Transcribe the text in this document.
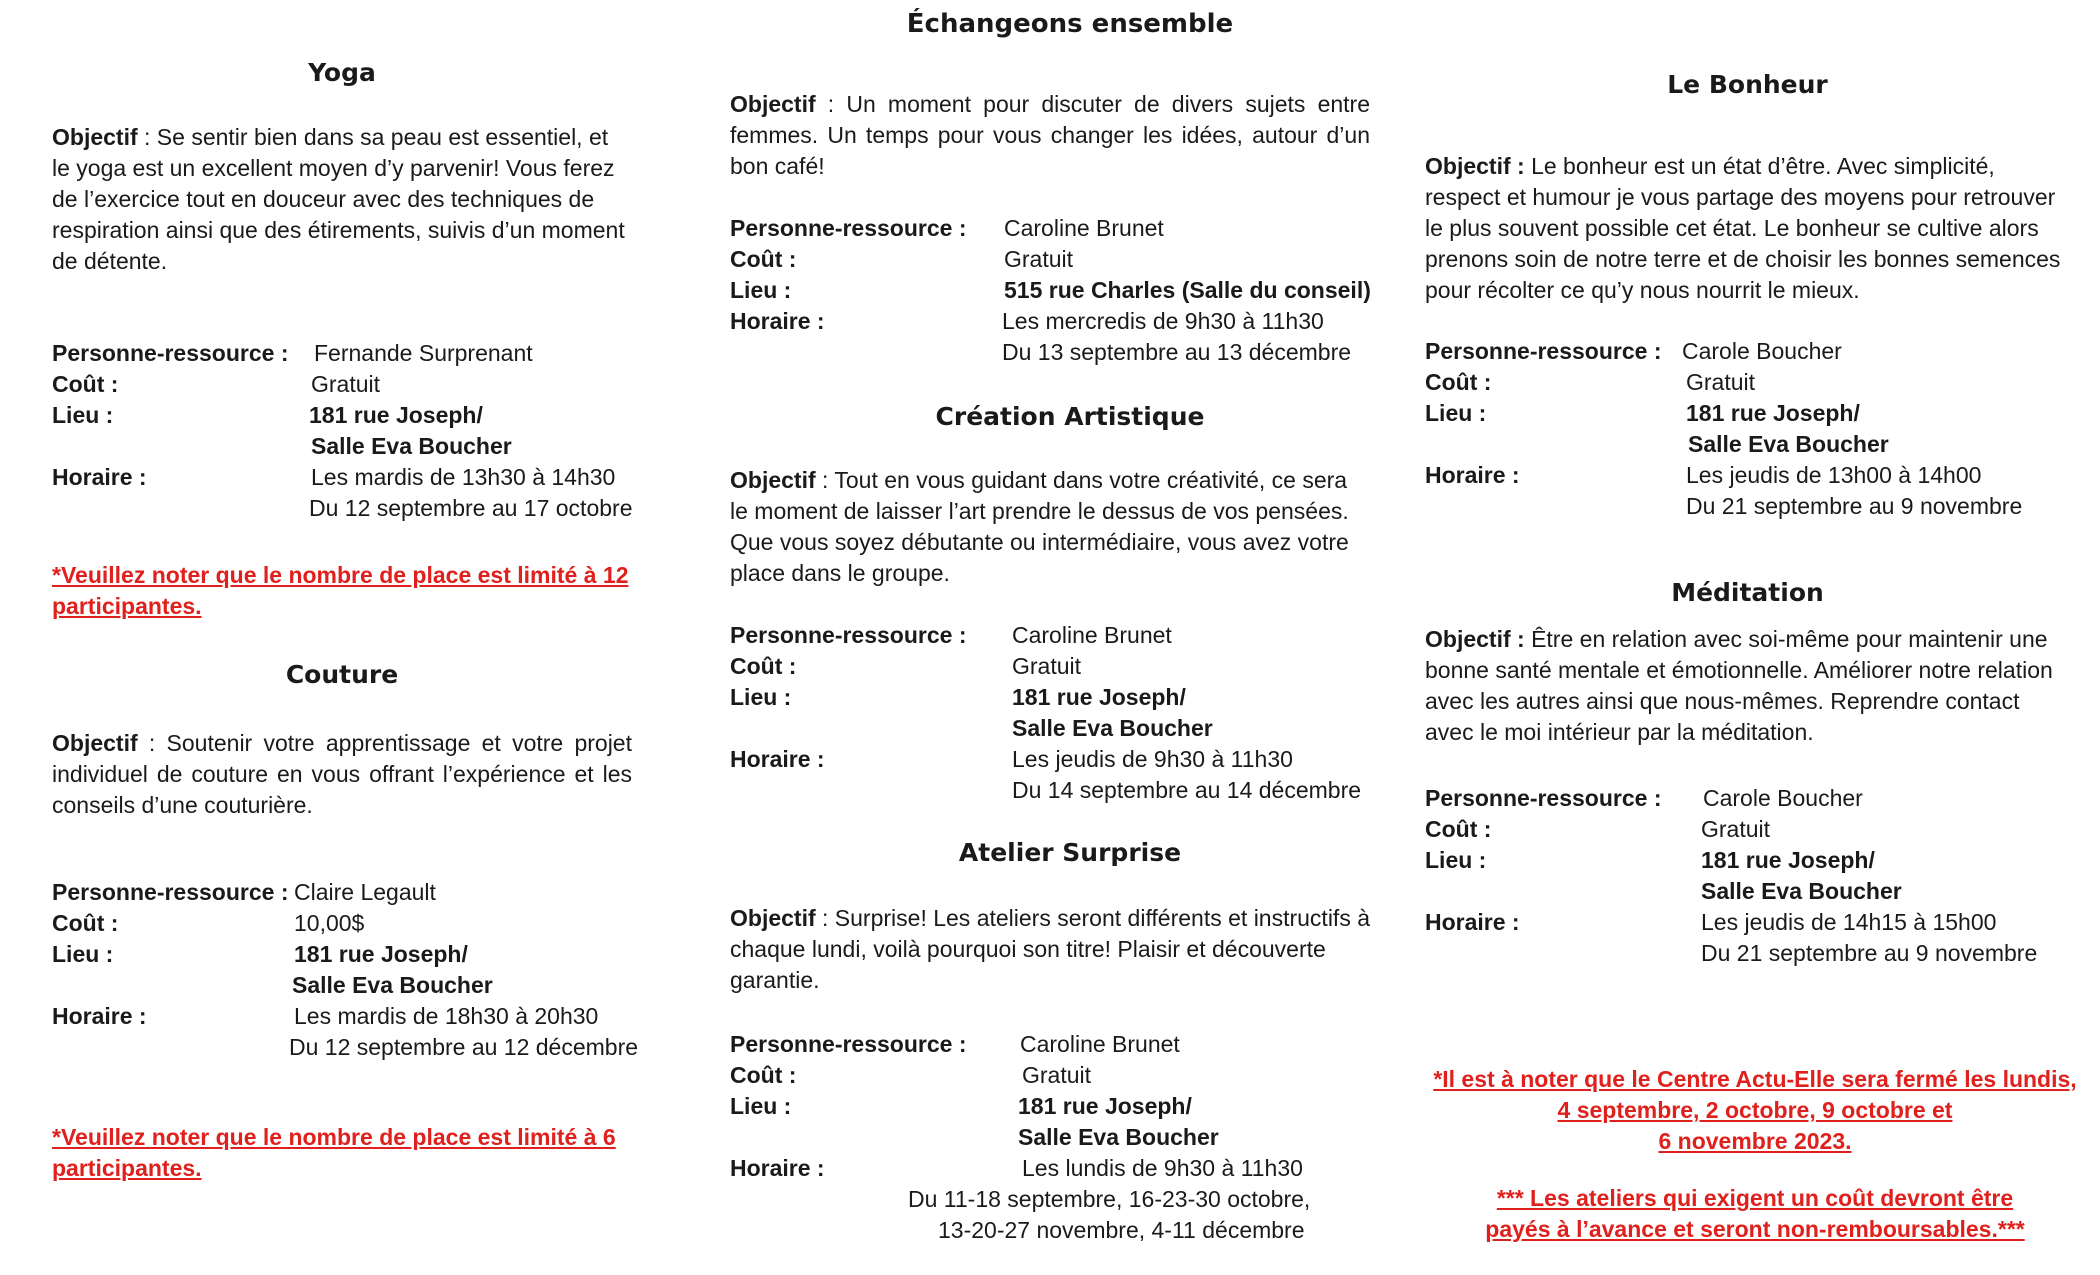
Yoga

Objectif : Se sentir bien dans sa peau est essentiel, et le yoga est un excellent moyen d’y parvenir! Vous ferez de l’exercice tout en douceur avec des techniques de respiration ainsi que des étirements, suivis d’un moment de détente.

Personne-ressource : Fernande Surprenant
Coût :	Gratuit
Lieu :	181 rue Joseph/
Salle Eva Boucher
Horaire :	Les mardis de 13h30 à 14h30
Du 12 septembre au 17 octobre

*Veuillez noter que le nombre de place est limité à 12 participantes.

Couture

Objectif : Soutenir votre apprentissage et votre projet individuel de couture en vous offrant l’expérience et les conseils d’une couturière.

Personne-ressource : Claire Legault
Coût :	10,00$
Lieu :	181 rue Joseph/
Salle Eva Boucher
Horaire :	Les mardis de 18h30 à 20h30
Du 12 septembre au 12 décembre

*Veuillez noter que le nombre de place est limité à 6 participantes.

Échangeons ensemble

Objectif : Un moment pour discuter de divers sujets entre femmes. Un temps pour vous changer les idées, autour d’un bon café!

Personne-ressource : Caroline Brunet
Coût :	Gratuit
Lieu :	515 rue Charles (Salle du conseil)
Horaire :	Les mercredis de 9h30 à 11h30
Du 13 septembre au 13 décembre
Création Artistique

Objectif : Tout en vous guidant dans votre créativité, ce sera le moment de laisser l’art prendre le dessus de vos pensées. Que vous soyez débutante ou intermédiaire, vous avez votre place dans le groupe.

Personne-ressource : Caroline Brunet
Coût :	Gratuit
Lieu :	181 rue Joseph/
Salle Eva Boucher
Horaire :	Les jeudis de 9h30 à 11h30
Du 14 septembre au 14 décembre
Atelier Surprise

Objectif : Surprise! Les ateliers seront différents et instructifs à chaque lundi, voilà pourquoi son titre! Plaisir et découverte garantie.

Personne-ressource : Caroline Brunet
Coût :	Gratuit
Lieu :	181 rue Joseph/
Salle Eva Boucher
Horaire :	Les lundis de 9h30 à 11h30
Du 11-18 septembre, 16-23-30 octobre,
13-20-27 novembre, 4-11 décembre
Le Bonheur

Objectif : Le bonheur est un état d’être. Avec simplicité, respect et humour je vous partage des moyens pour retrouver le plus souvent possible cet état. Le bonheur se cultive alors prenons soin de notre terre et de choisir les bonnes semences pour récolter ce qu’y nous nourrit le mieux.

Personne-ressource : Carole Boucher
Coût :	Gratuit
Lieu :	181 rue Joseph/
Salle Eva Boucher
Horaire :	Les jeudis de 13h00 à 14h00
Du 21 septembre au 9 novembre
Méditation

Objectif : Être en relation avec soi-même pour maintenir une bonne santé mentale et émotionnelle. Améliorer notre relation avec les autres ainsi que nous-mêmes. Reprendre contact avec le moi intérieur par la méditation.

Personne-ressource : Carole Boucher
Coût :	Gratuit
Lieu :	181 rue Joseph/
Salle Eva Boucher
Horaire :	Les jeudis de 14h15 à 15h00
Du 21 septembre au 9 novembre
*Il est à noter que le Centre Actu-Elle sera fermé les lundis,
4 septembre, 2 octobre, 9 octobre et
6 novembre 2023.
*** Les ateliers qui exigent un coût devront être
payés à l’avance et seront non-remboursables.***
